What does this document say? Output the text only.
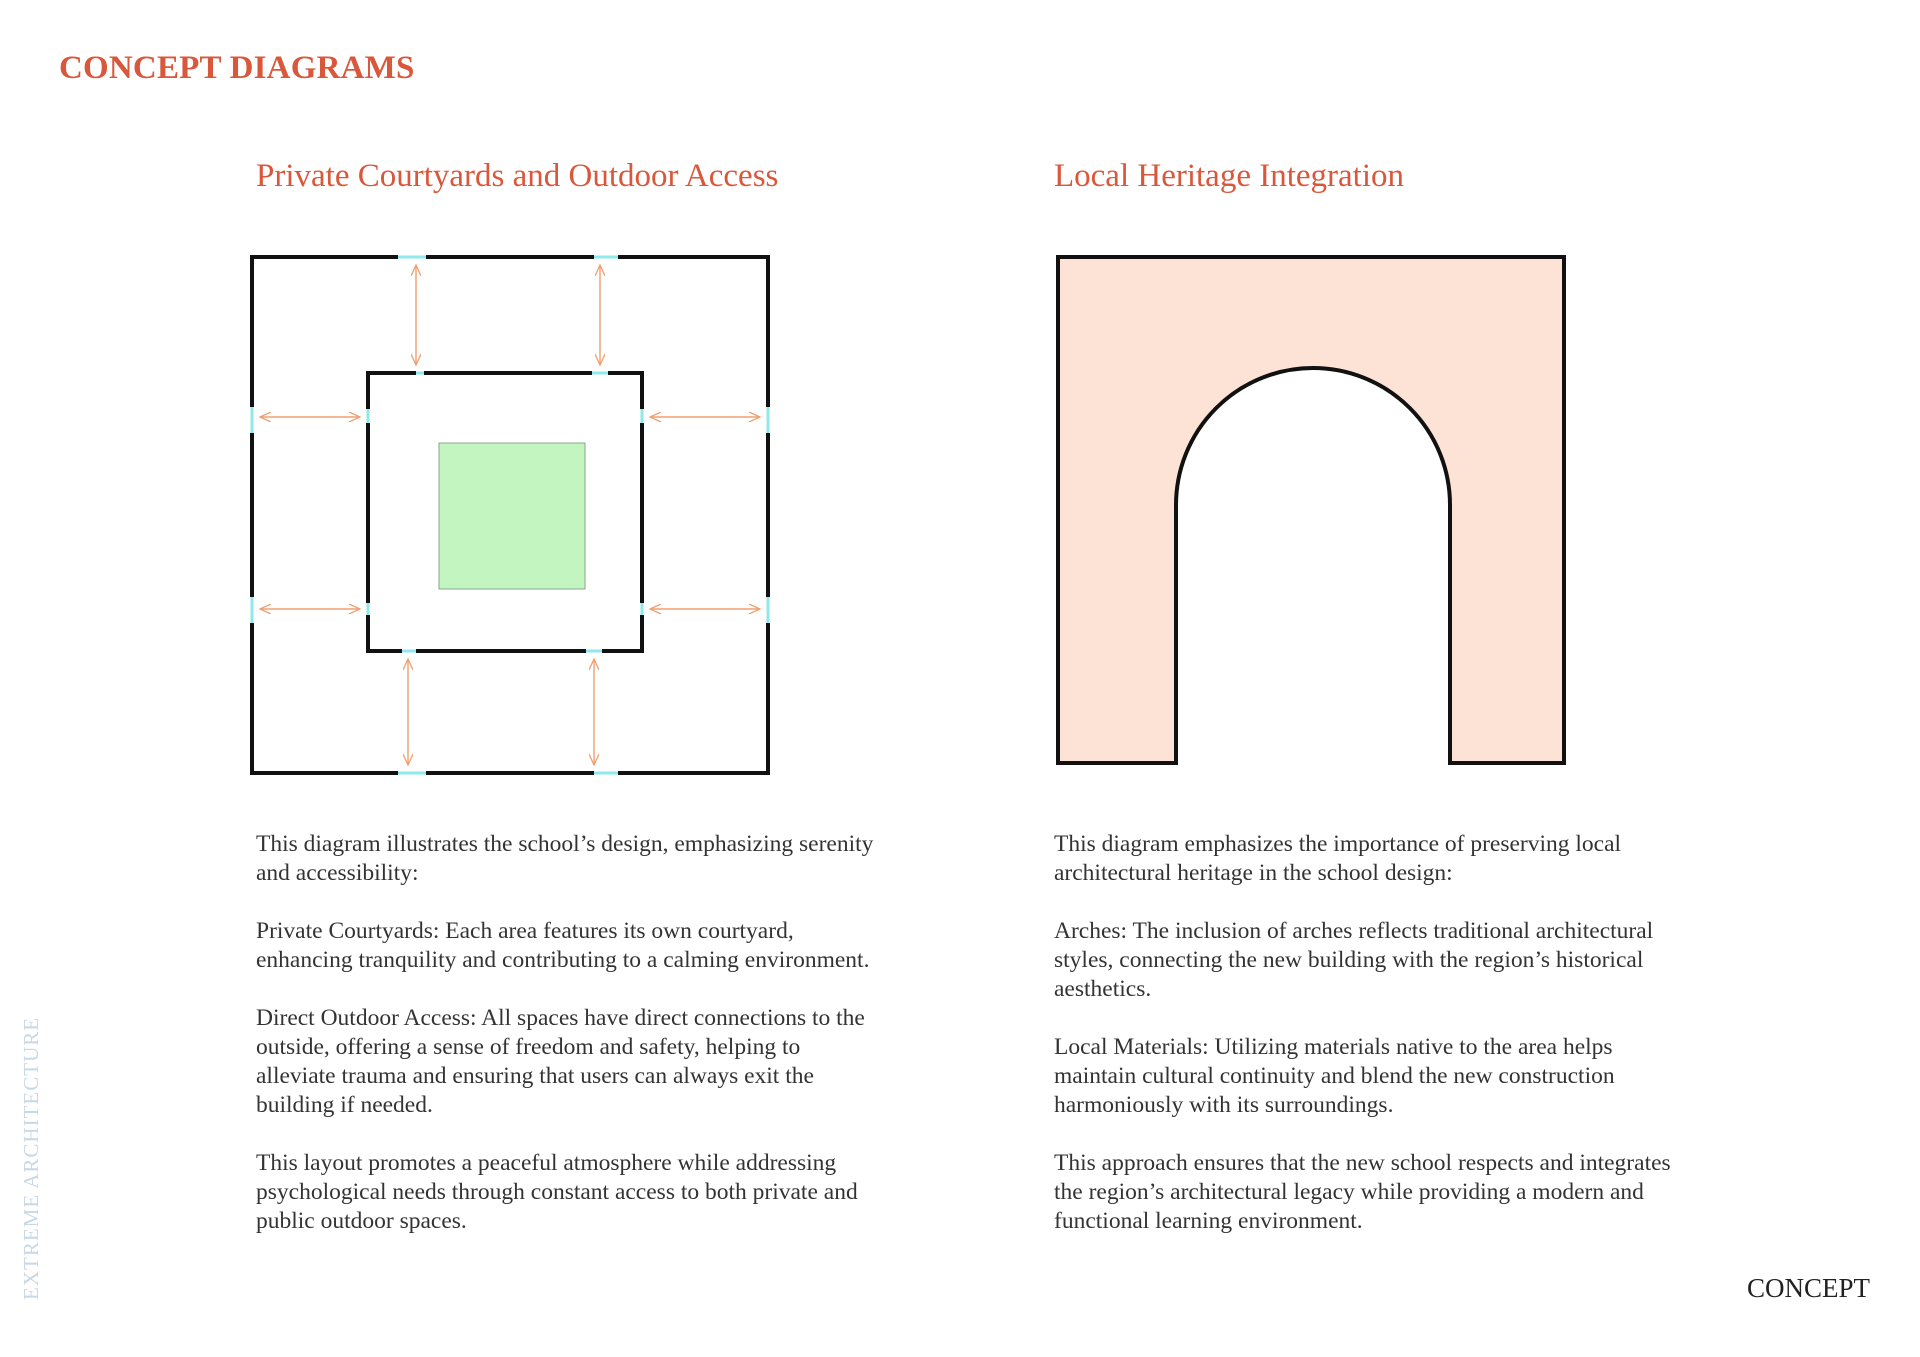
CONCEPT DIAGRAMS
Private Courtyards and Outdoor Access	Local Heritage Integration

This diagram illustrates the school’s design, emphasizing serenity and accessibility:

Private Courtyards: Each area features its own courtyard, enhancing tranquility and contributing to a calming environment.

Direct Outdoor Access: All spaces have direct connections to the outside, offering a sense of freedom and safety, helping to alleviate trauma and ensuring that users can always exit the building if needed.

This layout promotes a peaceful atmosphere while addressing psychological needs through constant access to both private and public outdoor spaces.

This diagram emphasizes the importance of preserving local architectural heritage in the school design:

Arches: The inclusion of arches reflects traditional architectural styles, connecting the new building with the region’s historical aesthetics.

Local Materials: Utilizing materials native to the area helps maintain cultural continuity and blend the new construction harmoniously with its surroundings.

This approach ensures that the new school respects and integrates the region’s architectural legacy while providing a modern and functional learning environment.

EXTREME ARCHITECTURE	CONCEPT
